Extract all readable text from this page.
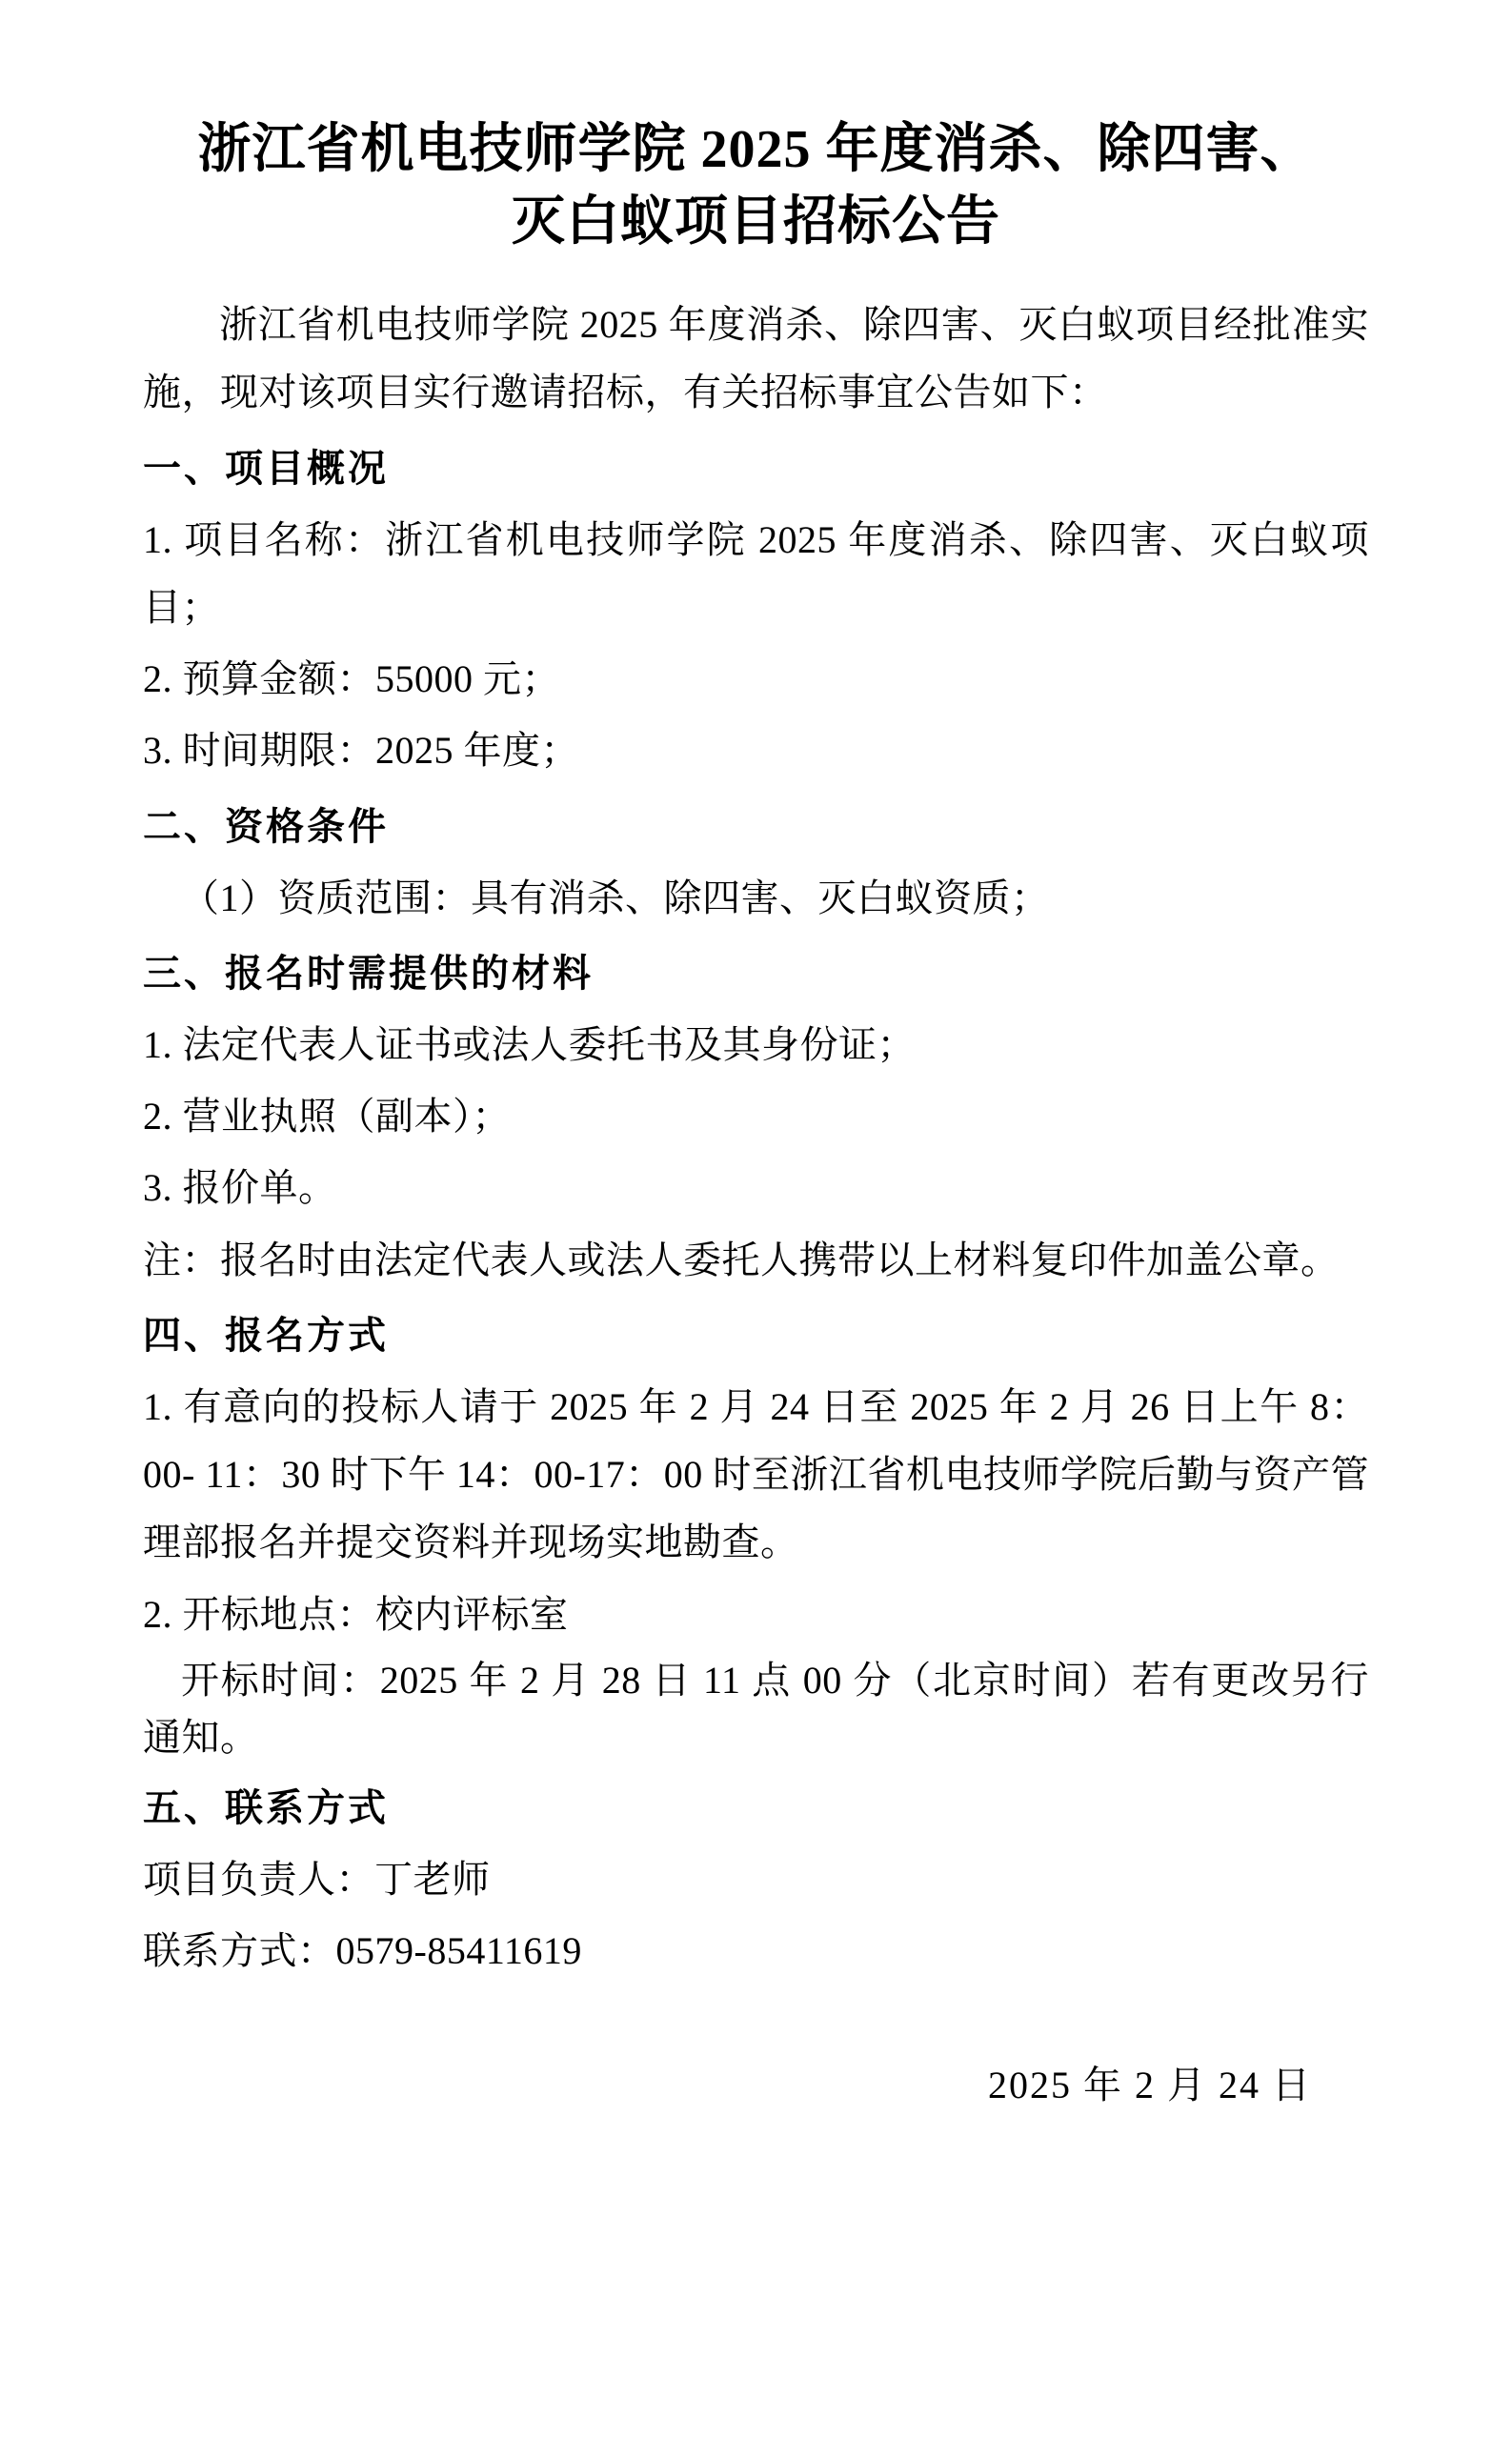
浙江省机电技师学院 2025 年度消杀、除四害、灭白蚁项目招标公告

浙江省机电技师学院 2025 年度消杀、除四害、灭白蚁项目经批准实施，现对该项目实行邀请招标，有关招标事宜公告如下：

一、项目概况

1. 项目名称：浙江省机电技师学院 2025 年度消杀、除四害、灭白蚁项目；

2. 预算金额：55000 元；

3. 时间期限：2025 年度；

二、资格条件

（1）资质范围：具有消杀、除四害、灭白蚁资质；

三、报名时需提供的材料

1. 法定代表人证书或法人委托书及其身份证；

2. 营业执照（副本）；

3. 报价单。

注：报名时由法定代表人或法人委托人携带以上材料复印件加盖公章。

四、报名方式

1. 有意向的投标人请于 2025 年 2 月 24 日至 2025 年 2 月 26 日上午 8：00- 11：30 时下午 14：00-17：00 时至浙江省机电技师学院后勤与资产管理部报名并提交资料并现场实地勘查。

2. 开标地点：校内评标室

开标时间：2025 年 2 月 28 日 11 点 00 分（北京时间）若有更改另行通知。

五、联系方式

项目负责人：丁老师

联系方式：0579-85411619

2025 年 2 月 24 日
